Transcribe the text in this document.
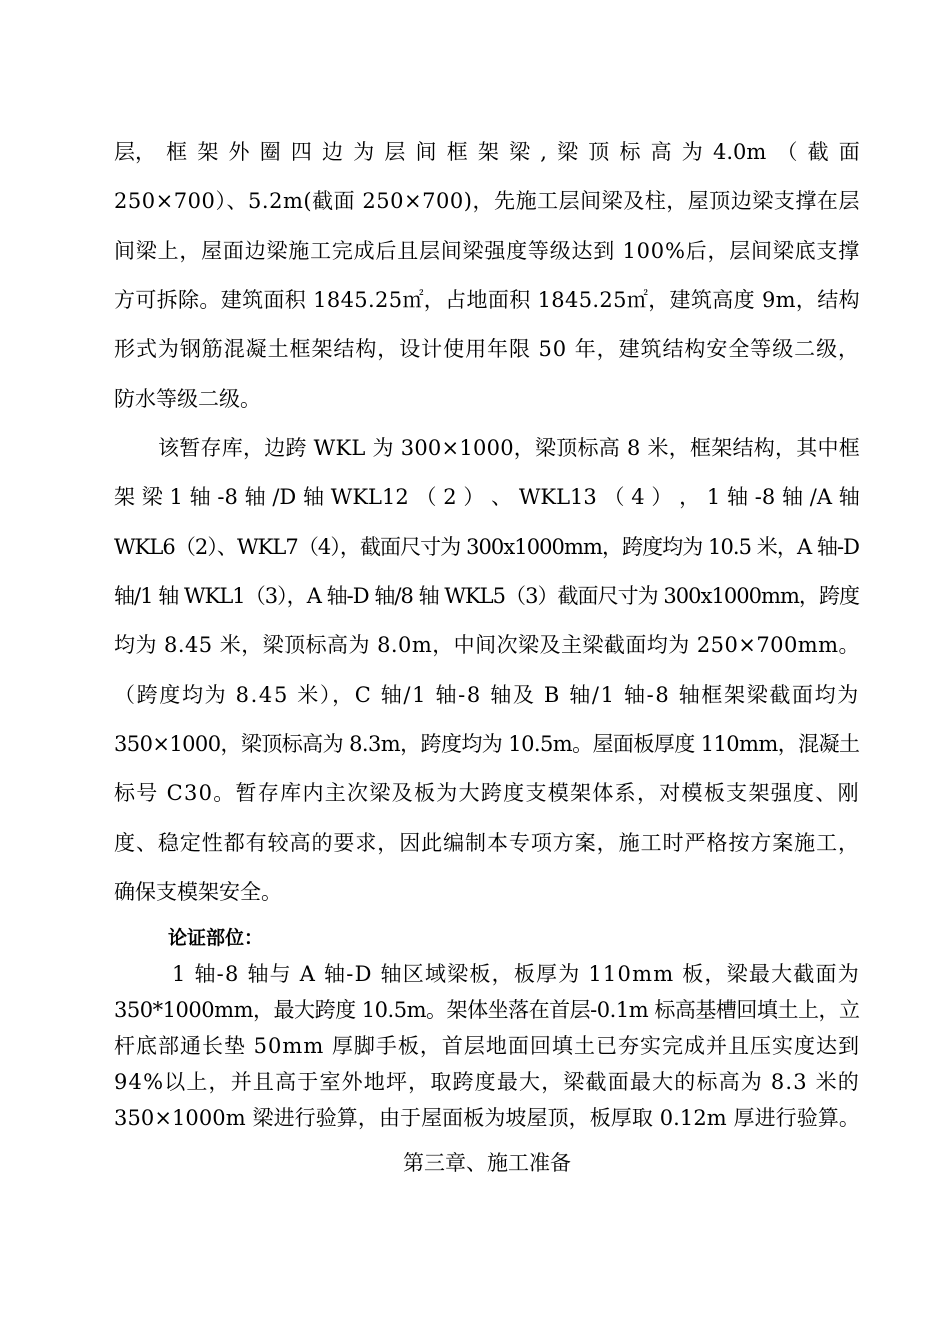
层， 框 架 外 圈 四 边 为 层 间 框 架 梁 , 梁 顶 标 高 为 4.0m （ 截 面
250×700）、5.2m(截面 250×700)，先施工层间梁及柱，屋顶边梁支撑在层
间梁上，屋面边梁施工完成后且层间梁强度等级达到 100%后，层间梁底支撑
方可拆除。建筑面积 1845.25㎡，占地面积 1845.25㎡，建筑高度 9m，结构
形式为钢筋混凝土框架结构，设计使用年限 50 年，建筑结构安全等级二级，
防水等级二级。
该暂存库，边跨 WKL 为 300×1000，梁顶标高 8 米，框架结构，其中框
架 梁 1 轴 -8 轴 /D 轴 WKL12 （ 2 ） 、 WKL13 （ 4 ） ， 1 轴 -8 轴 /A 轴
WKL6（2）、WKL7（4），截面尺寸为 300x1000mm，跨度均为 10.5 米，A 轴-D
轴/1 轴 WKL1（3），A 轴-D 轴/8 轴 WKL5（3）截面尺寸为 300x1000mm，跨度
均为 8.45 米，梁顶标高为 8.0m，中间次梁及主梁截面均为 250×700mm。
（跨度均为 8.45 米），C 轴/1 轴-8 轴及 B 轴/1 轴-8 轴框架梁截面均为
350×1000，梁顶标高为 8.3m，跨度均为 10.5m。屋面板厚度 110mm，混凝土
标号 C30。暂存库内主次梁及板为大跨度支模架体系，对模板支架强度、刚
度、稳定性都有较高的要求，因此编制本专项方案，施工时严格按方案施工，
确保支模架安全。
论证部位：
1 轴-8 轴与 A 轴-D 轴区域梁板，板厚为 110mm 板，梁最大截面为
350*1000mm，最大跨度 10.5m。架体坐落在首层-0.1m 标高基槽回填土上，立
杆底部通长垫 50mm 厚脚手板，首层地面回填土已夯实完成并且压实度达到
94%以上，并且高于室外地坪，取跨度最大，梁截面最大的标高为 8.3 米的
350×1000m 梁进行验算，由于屋面板为坡屋顶，板厚取 0.12m 厚进行验算。
第三章、施工准备
